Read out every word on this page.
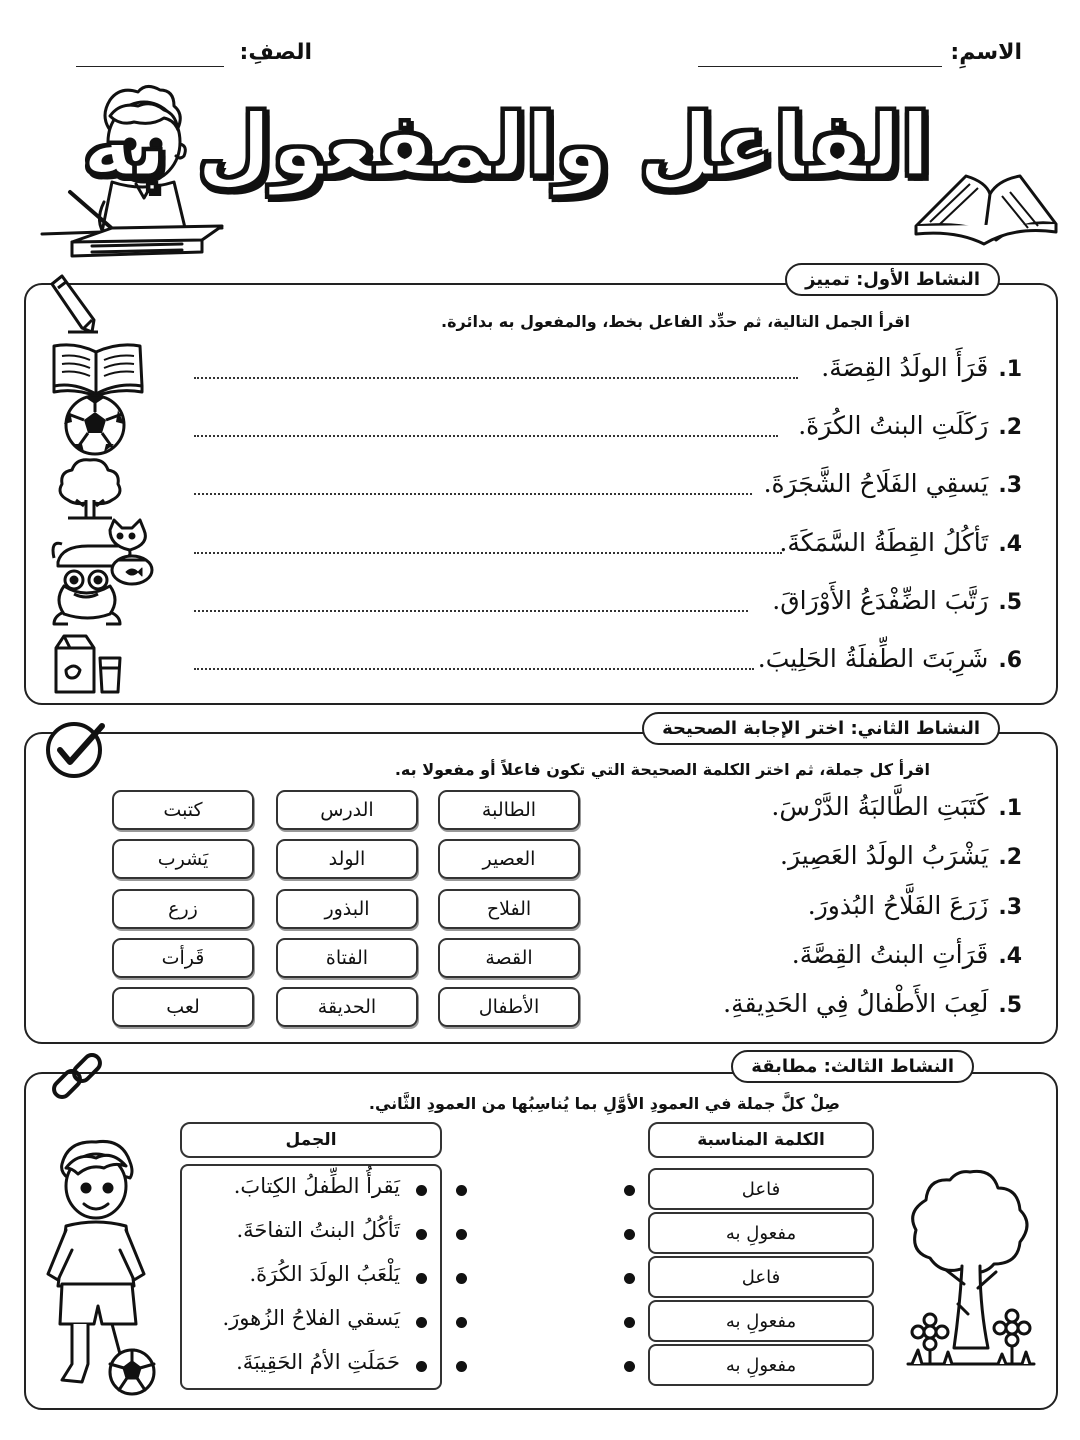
الاسمِ:
الصفِ:
الفاعل والمفعول به
النشاط الأول: تمييز
اقرأ الجمل التالية، ثم حدِّد الفاعل بخط، والمفعول به بدائرة.
1.قَرَأَ الولَدُ القِصَةَ.
2.رَكَلَتِ البنتُ الكُرَةَ.
3.يَسقِي الفَلَاحُ الشَّجَرَةَ.
4.تَأكُلُ القِطَةُ السَّمَكَةَ.
5.رَتَّبَ الضِّفْدَعُ الأَوْرَاقَ.
6.شَرِبَتَ الطِّفلَةُ الحَلِيبَ.
النشاط الثاني: اختر الإجابة الصحيحة
اقرأ كل جملة، ثم اختر الكلمة الصحيحة التي تكون فاعلاً أو مفعولا به.
1.كَتَبَتِ الطَّالبَةُ الدَّرْسَ.
الطالبة
الدرس
كتبت
2.يَشْرَبُ الولَدُ العَصِيرَ.
العصير
الولد
يَشرب
3.زَرَعَ الفَلَّاحُ البُذورَ.
الفلاح
البذور
زرع
4.قَرَأتِ البنتُ القِصَّةَ.
القصة
الفتاة
قَرأت
5.لَعِبَ الأَطْفالُ فِي الحَدِيقةِ.
الأطفال
الحديقة
لعب
النشاط الثالث: مطابقة
صِلْ كلَّ جملة في العمودِ الأوَّلِ بما يُناسِبُها من العمودِ الثَّاني.
الجمل	الكلمة المناسبة
يَقرأُ الطِّفلُ الكِتابَ.	فاعل
تَأكُلُ البنتُ التفاحَةَ.	مفعولِ به
يَلْعَبُ الولَدَ الكُرَةَ.	فاعل
يَسقي الفلاحُ الزُهورَ.	مفعولِ به
حَمَلَتِ الأمُ الحَقِيبَةَ.	مفعولِ به
